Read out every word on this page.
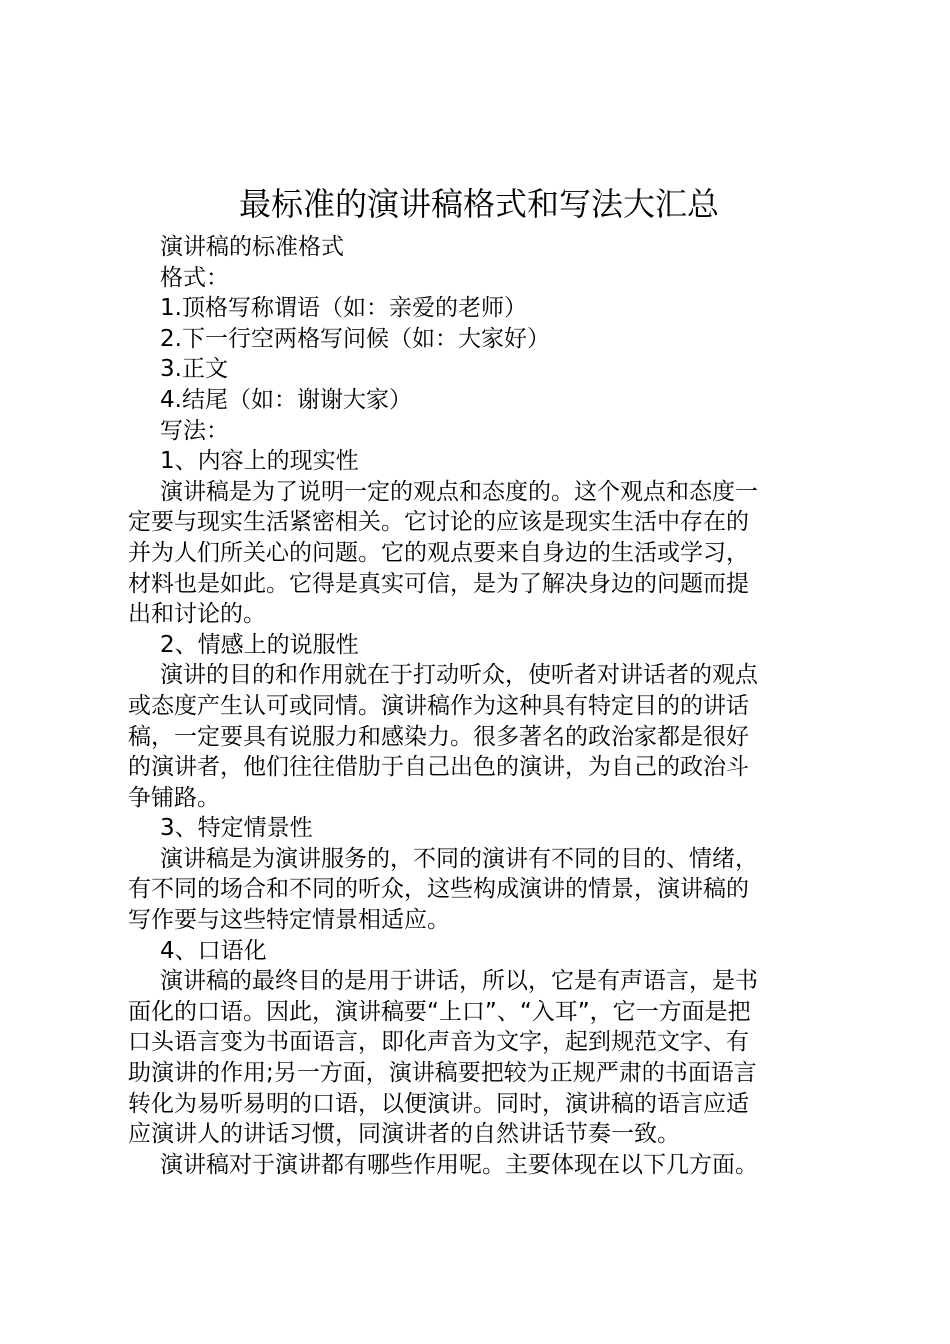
最标准的演讲稿格式和写法大汇总
演讲稿的标准格式
格式：
1.顶格写称谓语（如：亲爱的老师）
2.下一行空两格写问候（如：大家好）
3.正文
4.结尾（如：谢谢大家）
写法：
1、内容上的现实性
演讲稿是为了说明一定的观点和态度的。这个观点和态度一
定要与现实生活紧密相关。它讨论的应该是现实生活中存在的
并为人们所关心的问题。它的观点要来自身边的生活或学习，
材料也是如此。它得是真实可信，是为了解决身边的问题而提
出和讨论的。
2、情感上的说服性
演讲的目的和作用就在于打动听众，使听者对讲话者的观点
或态度产生认可或同情。演讲稿作为这种具有特定目的的讲话
稿，一定要具有说服力和感染力。很多著名的政治家都是很好
的演讲者，他们往往借肋于自己出色的演讲，为自己的政治斗
争铺路。
3、特定情景性
演讲稿是为演讲服务的，不同的演讲有不同的目的、情绪，
有不同的场合和不同的听众，这些构成演讲的情景，演讲稿的
写作要与这些特定情景相适应。
4、口语化
演讲稿的最终目的是用于讲话，所以，它是有声语言，是书
面化的口语。因此，演讲稿要“上口”、“入耳”，它一方面是把
口头语言变为书面语言，即化声音为文字，起到规范文字、有
助演讲的作用;另一方面，演讲稿要把较为正规严肃的书面语言
转化为易听易明的口语，以便演讲。同时，演讲稿的语言应适
应演讲人的讲话习惯，同演讲者的自然讲话节奏一致。
演讲稿对于演讲都有哪些作用呢。主要体现在以下几方面。
